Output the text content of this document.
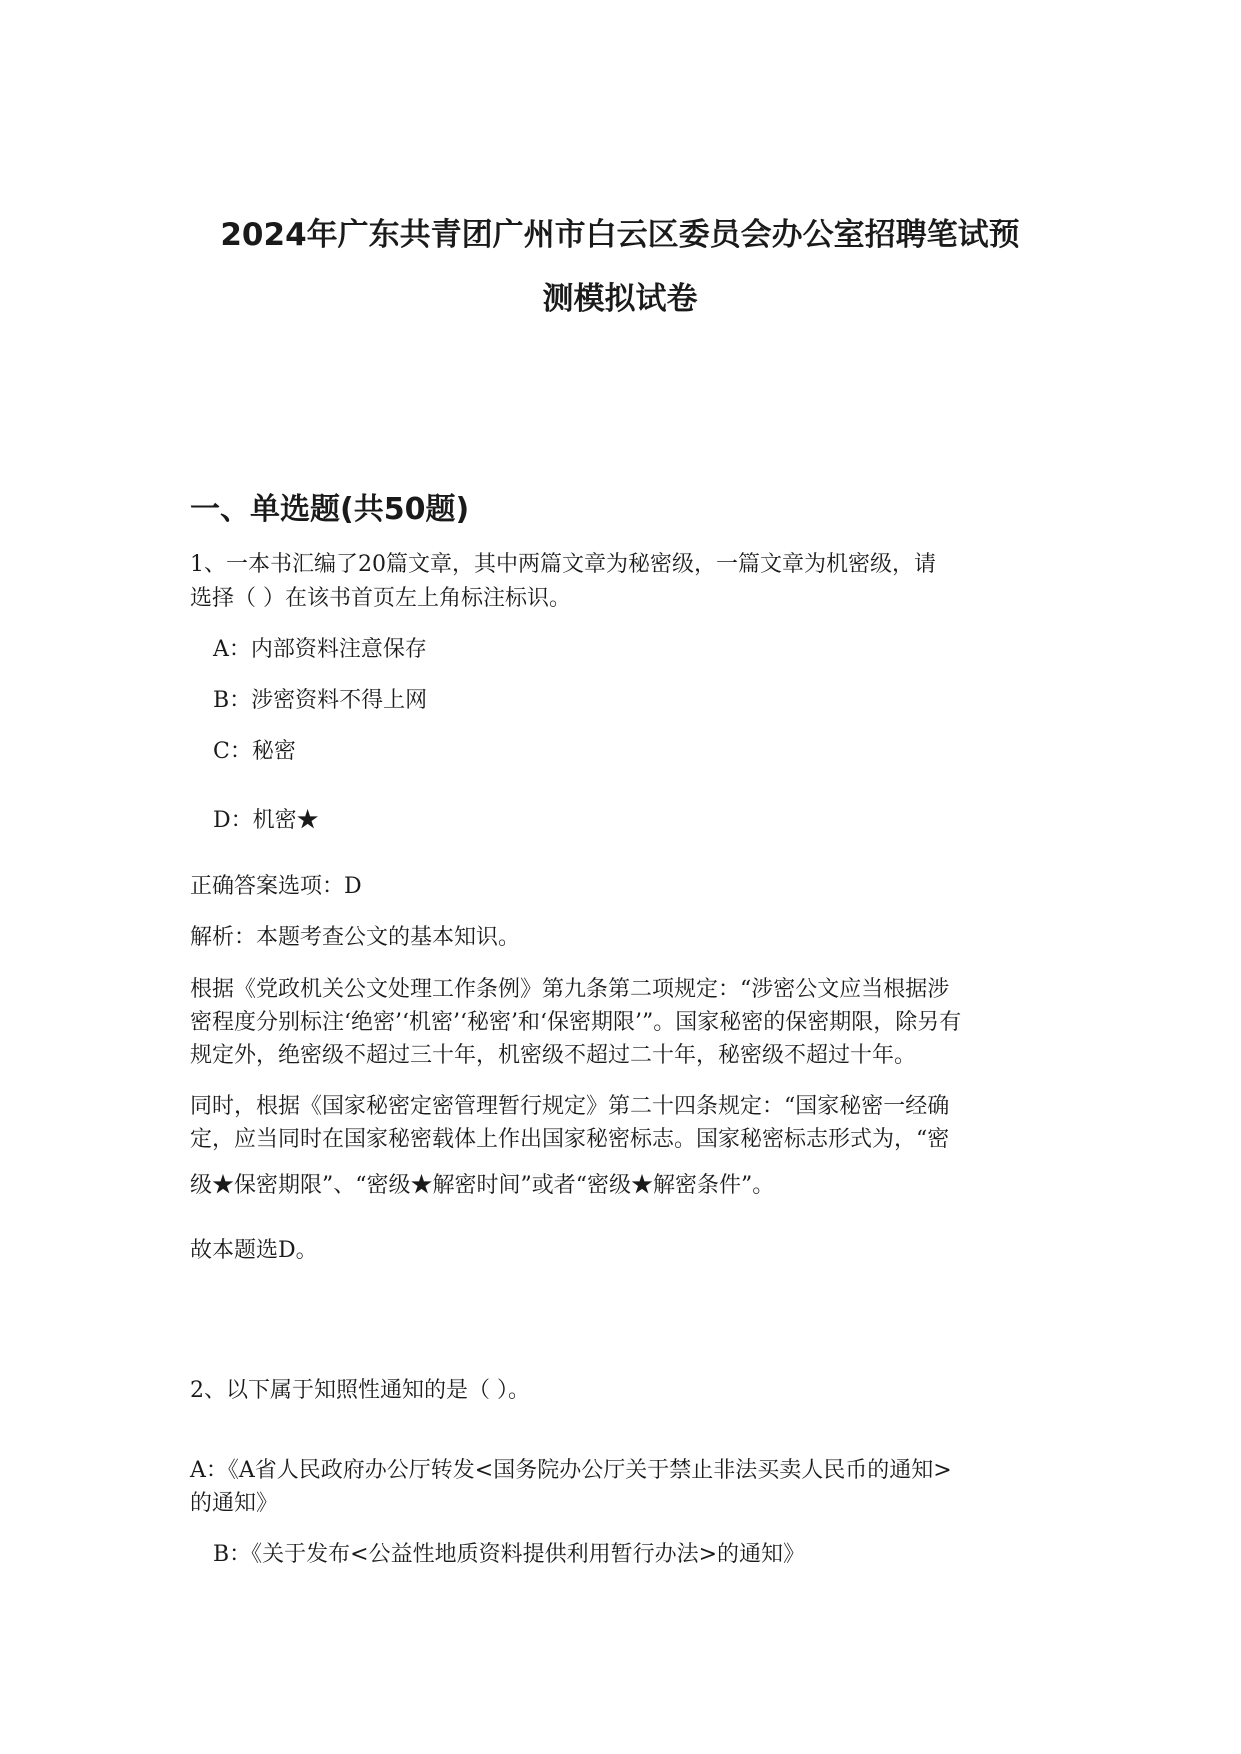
2024年广东共青团广州市白云区委员会办公室招聘笔试预
测模拟试卷
一、单选题(共50题)
1、一本书汇编了20篇文章，其中两篇文章为秘密级，一篇文章为机密级，请
选择（ ）在该书首页左上角标注标识。
A：内部资料注意保存
B：涉密资料不得上网
C：秘密
D：机密★
正确答案选项：D
解析：本题考查公文的基本知识。
根据《党政机关公文处理工作条例》第九条第二项规定：“涉密公文应当根据涉
密程度分别标注‘绝密’‘机密’‘秘密’和‘保密期限’”。国家秘密的保密期限，除另有
规定外，绝密级不超过三十年，机密级不超过二十年，秘密级不超过十年。
同时，根据《国家秘密定密管理暂行规定》第二十四条规定：“国家秘密一经确
定，应当同时在国家秘密载体上作出国家秘密标志。国家秘密标志形式为，“密
级★保密期限”、“密级★解密时间”或者“密级★解密条件”。
故本题选D。
2、以下属于知照性通知的是（ ）。
A：《A省人民政府办公厅转发<国务院办公厅关于禁止非法买卖人民币的通知>
的通知》
B：《关于发布<公益性地质资料提供利用暂行办法>的通知》
